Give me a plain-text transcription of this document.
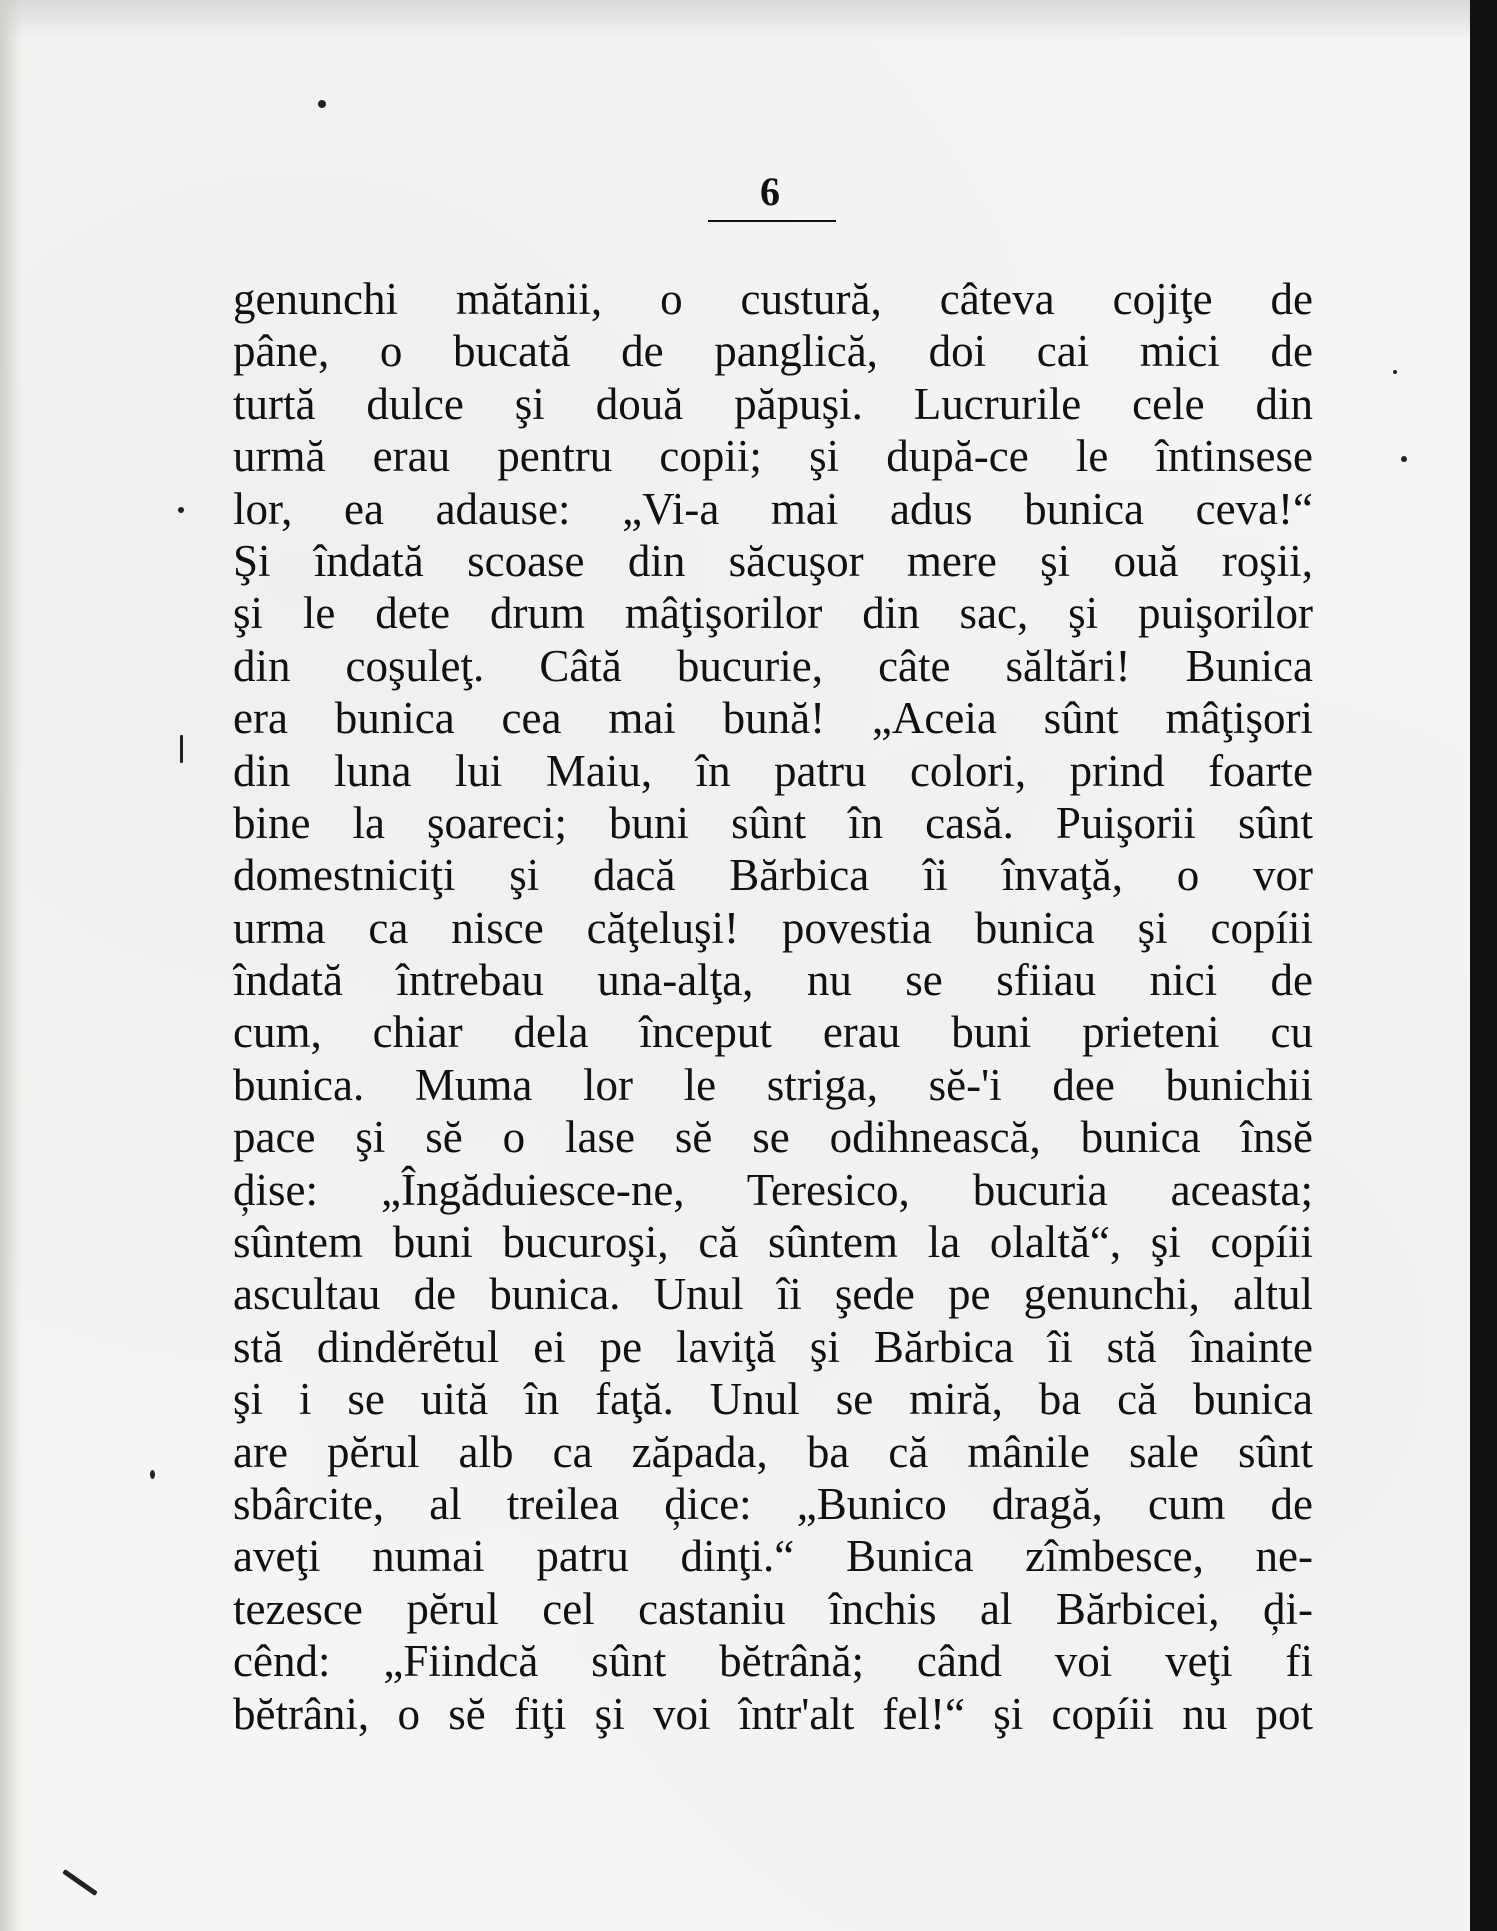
6
genunchi mătănii, o custură, câteva cojiţe de
pâne, o bucată de panglică, doi cai mici de
turtă dulce şi două păpuşi. Lucrurile cele din
urmă erau pentru copii; şi după-ce le întinsese
lor, ea adause: „Vi-a mai adus bunica ceva!“
Şi îndată scoase din săcuşor mere şi ouă roşii,
şi le dete drum mâţişorilor din sac, şi puişorilor
din coşuleţ. Câtă bucurie, câte săltări! Bunica
era bunica cea mai bună! „Aceia sûnt mâţişori
din luna lui Maiu, în patru colori, prind foarte
bine la şoareci; buni sûnt în casă. Puişorii sûnt
domestniciţi şi dacă Bărbica îi învaţă, o vor
urma ca nisce căţeluşi! povestia bunica şi copíii
îndată întrebau una-alţa, nu se sfiiau nici de
cum, chiar dela început erau buni prieteni cu
bunica. Muma lor le striga, sĕ-'i dee bunichii
pace şi sĕ o lase sĕ se odihnească, bunica însĕ
ḑise: „Îngăduiesce-ne, Teresico, bucuria aceasta;
sûntem buni bucuroşi, că sûntem la olaltă“, şi copíii
ascultau de bunica. Unul îi şede pe genunchi, altul
stă dindĕrĕtul ei pe laviţă şi Bărbica îi stă înainte
şi i se uită în faţă. Unul se miră, ba că bunica
are pĕrul alb ca zăpada, ba că mânile sale sûnt
sbârcite, al treilea ḑice: „Bunico dragă, cum de
aveţi numai patru dinţi.“ Bunica zîmbesce, ne-
tezesce pĕrul cel castaniu închis al Bărbicei, ḑi-
cênd: „Fiindcă sûnt bĕtrână; când voi veţi fi
bĕtrâni, o sĕ fiţi şi voi într'alt fel!“ şi copíii nu pot
